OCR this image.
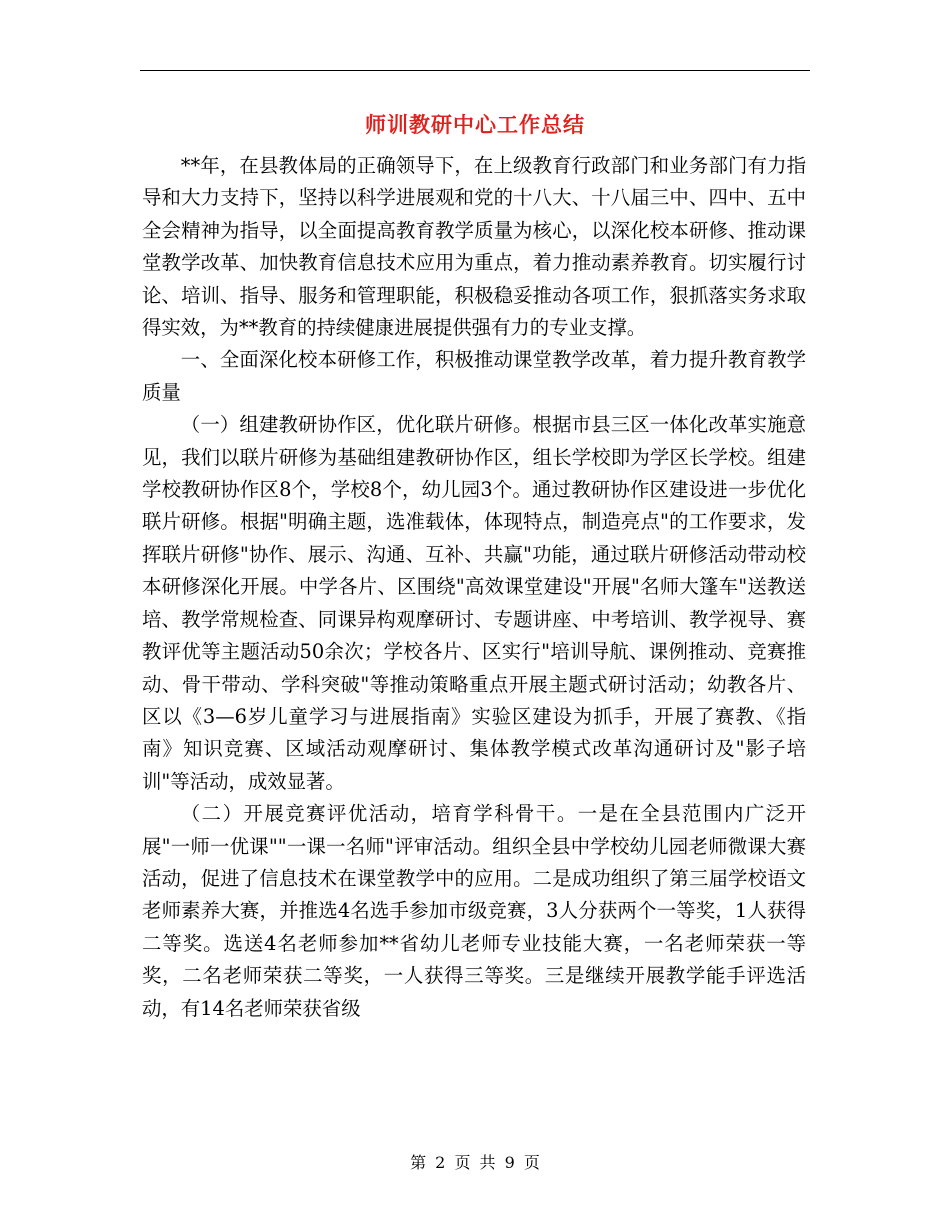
师训教研中心工作总结

**年，在县教体局的正确领导下，在上级教育行政部门和业务部门有力指导和大力支持下，坚持以科学进展观和党的十八大、十八届三中、四中、五中全会精神为指导，以全面提高教育教学质量为核心，以深化校本研修、推动课堂教学改革、加快教育信息技术应用为重点，着力推动素养教育。切实履行讨论、培训、指导、服务和管理职能，积极稳妥推动各项工作，狠抓落实务求取得实效，为**教育的持续健康进展提供强有力的专业支撑。

一、全面深化校本研修工作，积极推动课堂教学改革，着力提升教育教学质量

（一）组建教研协作区，优化联片研修。根据市县三区一体化改革实施意见，我们以联片研修为基础组建教研协作区，组长学校即为学区长学校。组建学校教研协作区8个，学校8个，幼儿园3个。通过教研协作区建设进一步优化联片研修。根据"明确主题，选准载体，体现特点，制造亮点"的工作要求，发挥联片研修"协作、展示、沟通、互补、共赢"功能，通过联片研修活动带动校本研修深化开展。中学各片、区围绕"高效课堂建设"开展"名师大篷车"送教送培、教学常规检查、同课异构观摩研讨、专题讲座、中考培训、教学视导、赛教评优等主题活动50余次；学校各片、区实行"培训导航、课例推动、竞赛推动、骨干带动、学科突破"等推动策略重点开展主题式研讨活动；幼教各片、区以《3—6岁儿童学习与进展指南》实验区建设为抓手，开展了赛教、《指南》知识竞赛、区域活动观摩研讨、集体教学模式改革沟通研讨及"影子培训"等活动，成效显著。

（二）开展竞赛评优活动，培育学科骨干。一是在全县范围内广泛开展"一师一优课""一课一名师"评审活动。组织全县中学校幼儿园老师微课大赛活动，促进了信息技术在课堂教学中的应用。二是成功组织了第三届学校语文老师素养大赛，并推选4名选手参加市级竞赛，3人分获两个一等奖，1人获得二等奖。选送4名老师参加**省幼儿老师专业技能大赛，一名老师荣获一等奖，二名老师荣获二等奖，一人获得三等奖。三是继续开展教学能手评选活动，有14名老师荣获省级

第 2 页 共 9 页
